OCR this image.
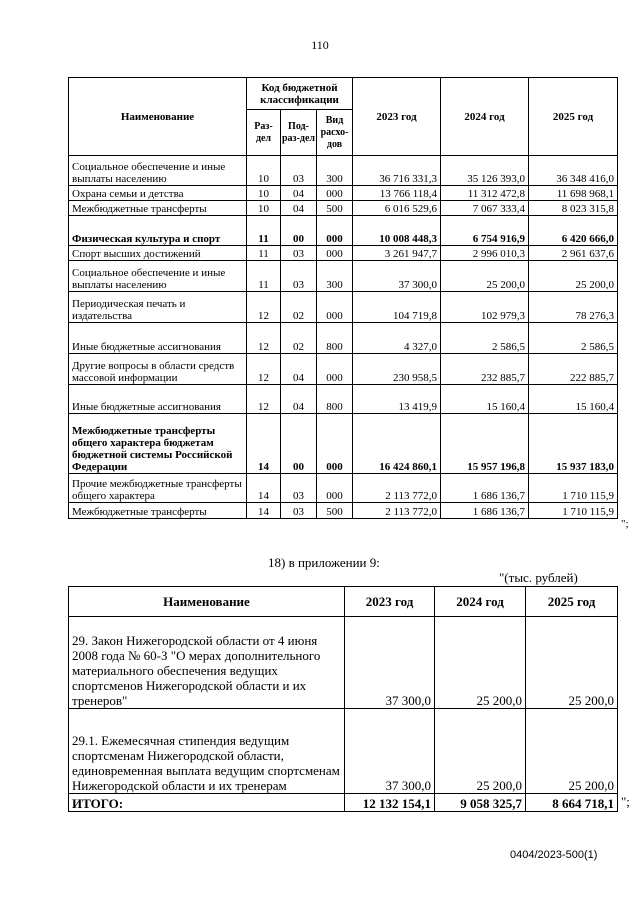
110
Наименование	Код бюджетной классификации			2023 год	2024 год	2025 год
	Раз-дел	Под-раз-дел	Вид расхо-дов			
Социальное обеспечение и иные выплаты населению	10	03	300	36 716 331,3	35 126 393,0	36 348 416,0
Охрана семьи и детства	10	04	000	13 766 118,4	11 312 472,8	11 698 968,1
Межбюджетные трансферты	10	04	500	6 016 529,6	7 067 333,4	8 023 315,8
Физическая культура и спорт	11	00	000	10 008 448,3	6 754 916,9	6 420 666,0
Спорт высших достижений	11	03	000	3 261 947,7	2 996 010,3	2 961 637,6
Социальное обеспечение и иные выплаты населению	11	03	300	37 300,0	25 200,0	25 200,0
Периодическая печать и издательства	12	02	000	104 719,8	102 979,3	78 276,3
Иные бюджетные ассигнования	12	02	800	4 327,0	2 586,5	2 586,5
Другие вопросы в области средств массовой информации	12	04	000	230 958,5	232 885,7	222 885,7
Иные бюджетные ассигнования	12	04	800	13 419,9	15 160,4	15 160,4
Межбюджетные трансферты общего характера бюджетам бюджетной системы Российской Федерации	14	00	000	16 424 860,1	15 957 196,8	15 937 183,0
Прочие межбюджетные трансферты общего характера	14	03	000	2 113 772,0	1 686 136,7	1 710 115,9
Межбюджетные трансферты	14	03	500	2 113 772,0	1 686 136,7	1 710 115,9
";
18) в приложении 9:
"(тыс. рублей)
Наименование	2023 год	2024 год	2025 год
29. Закон Нижегородской области от 4 июня 2008 года № 60-З "О мерах дополнительного материального обеспечения ведущих спортсменов Нижегородской области и их тренеров"	37 300,0	25 200,0	25 200,0
29.1. Ежемесячная стипендия ведущим спортсменам Нижегородской области, единовременная выплата ведущим спортсменам Нижегородской области и их тренерам	37 300,0	25 200,0	25 200,0
ИТОГО:	12 132 154,1	9 058 325,7	8 664 718,1 ";
0404/2023-500(1)
